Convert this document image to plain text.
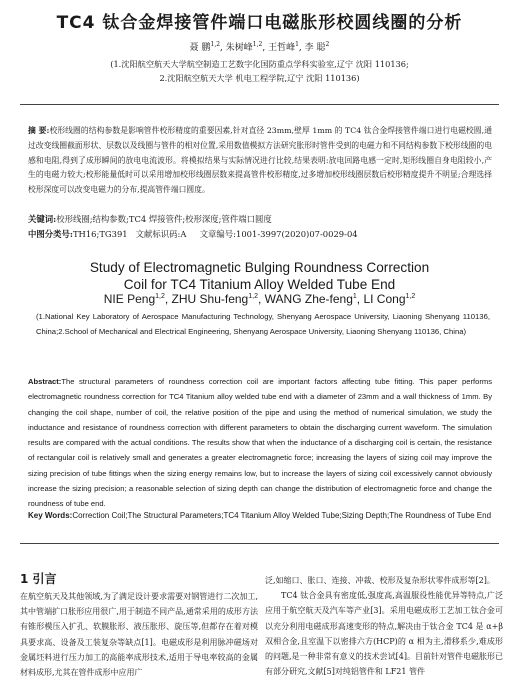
TC4 钛合金焊接管件端口电磁胀形校圆线圈的分析
聂 鹏$^{1,2}$, 朱树峰$^{1,2}$, 王哲峰$^1$, 李 聪$^2$

(1.沈阳航空航天大学航空制造工艺数字化国防重点学科实验室,辽宁 沈阳 110136;

2.沈阳航空航天大学 机电工程学院,辽宁 沈阳 110136)

摘 要:校形线圈的结构参数是影响管件校形精度的重要因素,针对直径 23mm,壁厚 1mm 的 TC4 钛合金焊接管件端口进行电磁校圆,通过改变线圈截面形状、层数以及线圈与管件的相对位置,采用数值模拟方法研究胀形时管件受到的电磁力和不同结构参数下校形线圈的电感和电阻,得到了成形瞬间的放电电流波形。将模拟结果与实际情况进行比较,结果表明:放电回路电感一定时,矩形线圈自身电阻较小,产生的电磁力较大;校形能量低时可以采用增加校形线圈层数来提高管件校形精度,过多增加校形线圈层数后校形精度提升不明显;合理选择校形深度可以改变电磁力的分布,提高管件端口圆度。

关键词:校形线圈;结构参数;TC4 焊接管件;校形深度;管件端口圆度

中图分类号:TH16;TG391 文献标识码:A 文章编号:1001-3997(2020)07-0029-04

Study of Electromagnetic Bulging Roundness Correction

Coil for TC4 Titanium Alloy Welded Tube End

NIE Peng$^{1,2}$, ZHU Shu-feng$^{1,2}$, WANG Zhe-feng$^1$, LI Cong$^{1,2}$

(1.National Key Laboratory of Aerospace Manufacturing Technology, Shenyang Aerospace University, Liaoning Shenyang 110136, China;2.School of Mechanical and Electrical Engineering, Shenyang Aerospace University, Liaoning Shenyang 110136, China)

Abstract:The structural parameters of roundness correction coil are important factors affecting tube fitting. This paper performs electromagnetic roundness correction for TC4 Titanium alloy welded tube end with a diameter of 23mm and a wall thickness of 1mm. By changing the coil shape, number of coil, the relative position of the pipe and using the method of numerical simulation, we study the inductance and resistance of roundness correction with different parameters to obtain the discharging current waveform. The simulation results are compared with the actual conditions. The results show that when the inductance of a discharging coil is certain, the resistance of rectangular coil is relatively small and generates a greater electromagnetic force; increasing the layers of sizing coil may improve the sizing precision of tube fittings when the sizing energy remains low, but to increase the layers of sizing coil excessively cannot obviously increase the sizing precision; a reasonable selection of sizing depth can change the distribution of electromagnetic force and change the roundness of tube end.

Key Words:Correction Coil;The Structural Parameters;TC4 Titanium Alloy Welded Tube;Sizing Depth;The Roundness of Tube End

1 引言

在航空航天及其他领域,为了满足设计要求需要对钢管进行二次加工,其中管端扩口胀形应用很广,用于制造不同产品,通常采用的成形方法有锥形模压入扩孔、软膜胀形、液压胀形、旋压等,但都存在着对模具要求高、设备及工装复杂等缺点[1]。电磁成形是利用脉冲磁场对金属坯料进行压力加工的高能率成形技术,适用于导电率较高的金属材料成形,尤其在管件成形中应用广

泛,如缩口、胀口、连接、冲裁、校形及复杂形状零件成形等[2]。
TC4 钛合金具有密度低,强度高,高温服役性能优异等特点,广泛应用于航空航天及汽车等产业[3]。采用电磁成形工艺加工钛合金可以充分利用电磁成形高速变形的特点,解决由于钛合金 TC4 是 α+β 双相合金,且室温下以密排六方(HCP)的 α 相为主,滑移系少,难成形的问题,是一种非常有意义的技术尝试[4]。目前针对管件电磁胀形已有部分研究,文献[5]对纯铝管件和 LF21 管件
